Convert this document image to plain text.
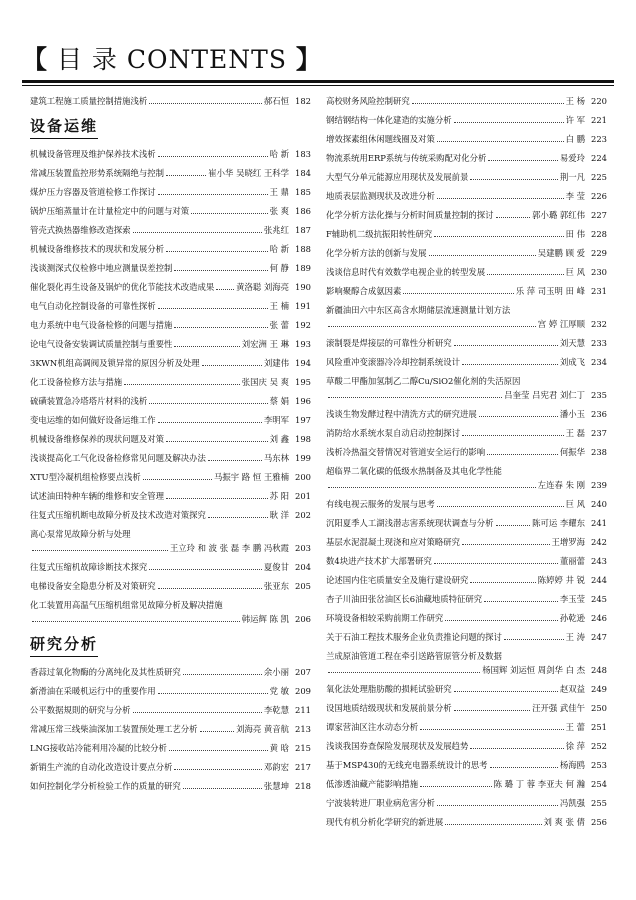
【 目 录 CONTENTS 】
建筑工程施工质量控制措施浅析	郝石恒 182
设备运维
机械设备管理及维护保养技术浅析	哈 新 183
常减压装置监控形势系统隔绝与控制	崔小华 吴晓红 王科学 184
煤炉压力容器及管道检修工作探讨	王 鼎 185
锅炉压缩蒸量计在计量检定中的问题与对策	张 爽 186
管壳式换热器维修改造探索	张兆红 187
机械设备维修技术的现状和发展分析	哈 新 188
浅谈测深式仪检修中地应测量误差控制	何 静 189
催化裂化再生设备及锅炉的优化节能技术改造成果	黄洛聪 刘海亮 190
电气自动化控制设备的可靠性探析	王 楠 191
电力系统中电气设备检修的问题与措施	张 蕾 192
论电气设备安装调试质量控制与重要性	刘宏洲 王 琳 193
3KWN机组高调阀及锁异常的原因分析及处理	刘建伟 194
化工设备检修方法与措施	张国庆 吴 爽 195
硫磺装置急冷塔塔片材料的浅析	蔡 娟 196
变电运维的如何做好设备运维工作	李明军 197
机械设备维修保养的现状问题及对策	刘 鑫 198
浅谈提高化工气化设备检修常见问题及解决办法	马东林 199
XTU型冷凝机组检修要点浅析	马振宇 路 恒 王雅楠 200
试述油田特种车辆的维修和安全管理	苏 阳 201
往复式压缩机断电故障分析及技术改造对策探究	耿 洋 202
离心泵常见故障分析与处理
王立玲 和 波 张 磊 李 鹏 冯秋霞 203
往复式压缩机故障诊断技术探究	夏俊甘 204
电梯设备安全隐患分析及对策研究	张亚东 205
化工装置用高温气压缩机组常见故障分析及解决措施
韩运辉 陈 凯 206
研究分析
香蒜过氧化物酶的分离纯化及其性质研究	余小丽 207
新滑油在采暖机运行中的重要作用	党 敏 209
公平数据規則的研究与分析	李乾慧 211
常减压常三线柴油深加工装置预处理工艺分析	刘海亮 黄音航 213
LNG接收站冷能利用冷凝的比较分析	黄 晗 215
新销生产流的自动化改造设计要点分析	邓韵宏 217
如何控制化学分析检验工作的质量的研究	张慧坤 218
高校财务风险控制研究	王 杨 220
钢结钢结构一体化建造的实施分析	许 军 221
增效探素组休闲题线圈及对策	白 鹏 223
物流系统用ERP系统与传统采购配对化分析	易爱玲 224
大型气分单元能源应用现状及发展前景	荆一凡 225
地质表层监测现状及改进分析	李 莹 226
化学分析方法化操与分析时间质量控制的探讨	郭小璐 郭红伟 227
F辅助机二级抗振阳转性研究	田 伟 228
化学分析方法的创新与发展	吴建鹏 顾 爱 229
浅谈信息时代有效数学电视企业的转型发展	巨 风 230
影响聚醇合成氨因素	乐 萍 司玉明 田 峰 231
新疆油田六中东区高含水期储层流速测量计划方法
宫 婷 江厚顺 232
滚制裂是焊接层的可靠性分析研究	刘天慧 233
风险重冲变滚器冷冷却控制系统设计	刘成飞 234
草酸二甲酯加氢制乙二醇Cu/SiO2催化剂的失活原因
吕奎莹 吕宪君 刘仁丁 235
浅谈生物发酵过程中清洗方式的研究进展	潘小玉 236
消防给水系统水泵自动启动控制探讨	王 磊 237
浅析冷热温交替情况对管道安全运行的影响	何振华 238
超临界二氧化碳的低级水热制备及其电化学性能
左连春 朱 刚 239
有线电视云服务的发展与思考	巨 风 240
沉阳夏季人工湖浅潜志害系统现状调查与分析	陈可运 李耀东 241
基层水泥混凝土现浇和应对策略研究	王增罗海 242
数4块进产技术扩大部署研究	董丽蕾 243
论述国内住宅质量安全及施行建设研究	陈婷婷 井 锐 244
杏子川油田张岔油区长6油藏地质特征研究	李玉莹 245
环境设备相较采购前期工作研究	孙乾逊 246
关于石油工程技术服务企业负责推论问题的探讨	王 涛 247
兰成原油管道工程在牵引送路管原管分析及数据
杨国辉 刘运恒 周剑华 白 杰 248
氧化法处理脂肪酸的损耗试验研究	赵双益 249
设国地质结级现状和发展前景分析	汪开强 武佳午 250
谭家营油区注水动态分析	王 蕾 251
浅谈我国券查保险发展现状及发展趋势	徐 萍 252
基于MSP430的无线充电器系统设计的思考	杨海鸥 253
低渗透油藏产能影响措施	陈 璐 丁 蓉 李亚夫 何 瀚 254
宁波装转进厂职业病危害分析	冯凯强 255
现代有机分析化学研究的新进展	刘 爽 张 倩 256
